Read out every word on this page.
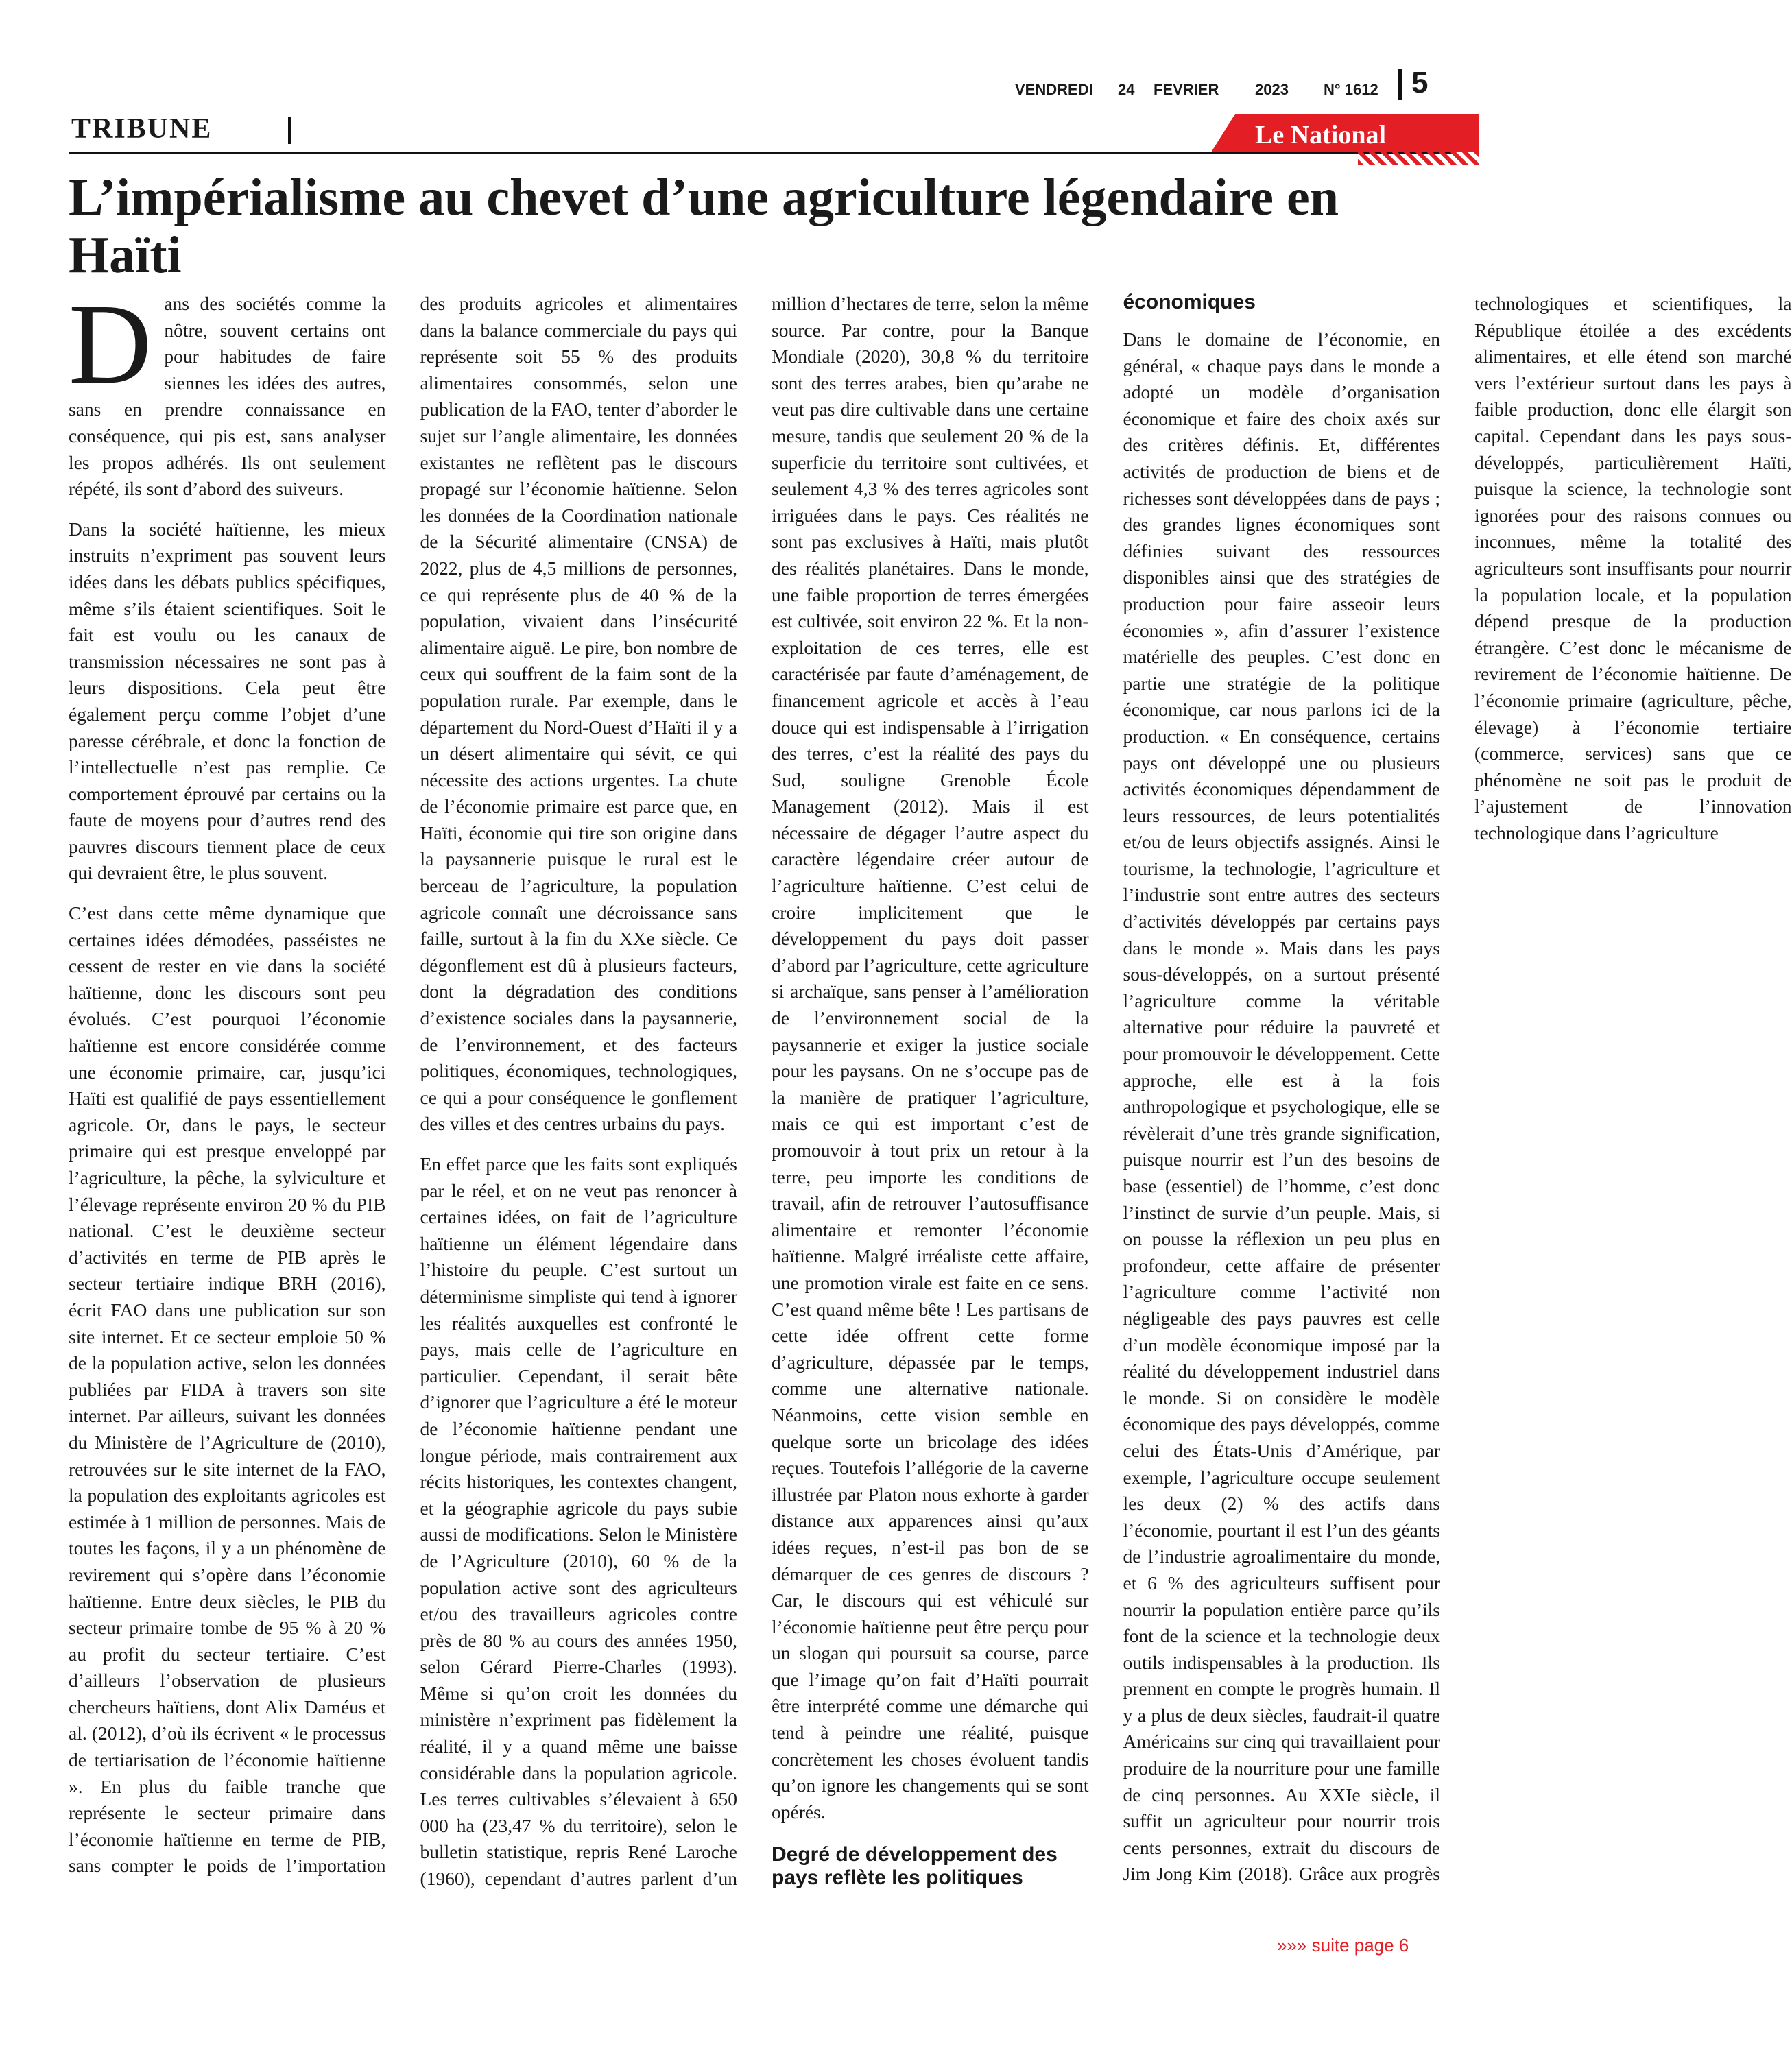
VENDREDI 24 FEVRIER 2023 N° 1612 5
TRIBUNE	Le National
L’impérialisme au chevet d’une agriculture légendaire en Haïti

Dans des sociétés comme la nôtre, souvent certains ont pour habitudes de faire siennes les idées des autres, sans en prendre connaissance en conséquence, qui pis est, sans analyser les propos adhérés. Ils ont seulement répété, ils sont d’abord des suiveurs.

Dans la société haïtienne, les mieux instruits n’expriment pas souvent leurs idées dans les débats publics spécifiques, même s’ils étaient scientifiques. Soit le fait est voulu ou les canaux de transmission nécessaires ne sont pas à leurs dispositions. Cela peut être également perçu comme l’objet d’une paresse cérébrale, et donc la fonction de l’intellectuelle n’est pas remplie. Ce comportement éprouvé par certains ou la faute de moyens pour d’autres rend des pauvres discours tiennent place de ceux qui devraient être, le plus souvent.

C’est dans cette même dynamique que certaines idées démodées, passéistes ne cessent de rester en vie dans la société haïtienne, donc les discours sont peu évolués. C’est pourquoi l’économie haïtienne est encore considérée comme une économie primaire, car, jusqu’ici Haïti est qualifié de pays essentiellement agricole. Or, dans le pays, le secteur primaire qui est presque enveloppé par l’agriculture, la pêche, la sylviculture et l’élevage représente environ 20 % du PIB national. C’est le deuxième secteur d’activités en terme de PIB après le secteur tertiaire indique BRH (2016), écrit FAO dans une publication sur son site internet. Et ce secteur emploie 50 % de la population active, selon les données publiées par FIDA à travers son site internet. Par ailleurs, suivant les données du Ministère de l’Agriculture de (2010), retrouvées sur le site internet de la FAO, la population des exploitants agricoles est estimée à 1 million de personnes. Mais de toutes les façons, il y a un phénomène de revirement qui s’opère dans l’économie haïtienne. Entre deux siècles, le PIB du secteur primaire tombe de 95 % à 20 % au profit du secteur tertiaire. C’est d’ailleurs l’observation de plusieurs chercheurs haïtiens, dont Alix Daméus et al. (2012), d’où ils écrivent « le processus de tertiarisation de l’économie haïtienne ». En plus du faible tranche que représente le secteur primaire dans l’économie haïtienne en terme de PIB, sans compter le poids de l’importation des produits agricoles et alimentaires dans la balance commerciale du pays qui représente soit 55 % des produits alimentaires consommés, selon une publication de la FAO, tenter d’aborder le sujet sur l’angle alimentaire, les données existantes ne reflètent pas le discours propagé sur l’économie haïtienne. Selon les données de la Coordination nationale de la Sécurité alimentaire (CNSA) de 2022, plus de 4,5 millions de personnes, ce qui représente plus de 40 % de la population, vivaient dans l’insécurité alimentaire aiguë. Le pire, bon nombre de ceux qui souffrent de la faim sont de la population rurale. Par exemple, dans le département du Nord-Ouest d’Haïti il y a un désert alimentaire qui sévit, ce qui nécessite des actions urgentes. La chute de l’économie primaire est parce que, en Haïti, économie qui tire son origine dans la paysannerie puisque le rural est le berceau de l’agriculture, la population agricole connaît une décroissance sans faille, surtout à la fin du XXe siècle. Ce dégonflement est dû à plusieurs facteurs, dont la dégradation des conditions d’existence sociales dans la paysannerie, de l’environnement, et des facteurs politiques, économiques, technologiques, ce qui a pour conséquence le gonflement des villes et des centres urbains du pays.

En effet parce que les faits sont expliqués par le réel, et on ne veut pas renoncer à certaines idées, on fait de l’agriculture haïtienne un élément légendaire dans l’histoire du peuple. C’est surtout un déterminisme simpliste qui tend à ignorer les réalités auxquelles est confronté le pays, mais celle de l’agriculture en particulier. Cependant, il serait bête d’ignorer que l’agriculture a été le moteur de l’économie haïtienne pendant une longue période, mais contrairement aux récits historiques, les contextes changent, et la géographie agricole du pays subie aussi de modifications. Selon le Ministère de l’Agriculture (2010), 60 % de la population active sont des agriculteurs et/ou des travailleurs agricoles contre près de 80 % au cours des années 1950, selon Gérard Pierre-Charles (1993). Même si qu’on croit les données du ministère n’expriment pas fidèlement la réalité, il y a quand même une baisse considérable dans la population agricole. Les terres cultivables s’élevaient à 650 000 ha (23,47 % du territoire), selon le bulletin statistique, repris René Laroche (1960), cependant d’autres parlent d’un million d’hectares de terre, selon la même source. Par contre, pour la Banque Mondiale (2020), 30,8 % du territoire sont des terres arabes, bien qu’arabe ne veut pas dire cultivable dans une certaine mesure, tandis que seulement 20 % de la superficie du territoire sont cultivées, et seulement 4,3 % des terres agricoles sont irriguées dans le pays. Ces réalités ne sont pas exclusives à Haïti, mais plutôt des réalités planétaires. Dans le monde, une faible proportion de terres émergées est cultivée, soit environ 22 %. Et la non-exploitation de ces terres, elle est caractérisée par faute d’aménagement, de financement agricole et accès à l’eau douce qui est indispensable à l’irrigation des terres, c’est la réalité des pays du Sud, souligne Grenoble École Management (2012). Mais il est nécessaire de dégager l’autre aspect du caractère légendaire créer autour de l’agriculture haïtienne. C’est celui de croire implicitement que le développement du pays doit passer d’abord par l’agriculture, cette agriculture si archaïque, sans penser à l’amélioration de l’environnement social de la paysannerie et exiger la justice sociale pour les paysans. On ne s’occupe pas de la manière de pratiquer l’agriculture, mais ce qui est important c’est de promouvoir à tout prix un retour à la terre, peu importe les conditions de travail, afin de retrouver l’autosuffisance alimentaire et remonter l’économie haïtienne. Malgré irréaliste cette affaire, une promotion virale est faite en ce sens. C’est quand même bête ! Les partisans de cette idée offrent cette forme d’agriculture, dépassée par le temps, comme une alternative nationale. Néanmoins, cette vision semble en quelque sorte un bricolage des idées reçues. Toutefois l’allégorie de la caverne illustrée par Platon nous exhorte à garder distance aux apparences ainsi qu’aux idées reçues, n’est-il pas bon de se démarquer de ces genres de discours ? Car, le discours qui est véhiculé sur l’économie haïtienne peut être perçu pour un slogan qui poursuit sa course, parce que l’image qu’on fait d’Haïti pourrait être interprété comme une démarche qui tend à peindre une réalité, puisque concrètement les choses évoluent tandis qu’on ignore les changements qui se sont opérés.

Degré de développement des pays reflète les politiques économiques

Dans le domaine de l’économie, en général, « chaque pays dans le monde a adopté un modèle d’organisation économique et faire des choix axés sur des critères définis. Et, différentes activités de production de biens et de richesses sont développées dans de pays ; des grandes lignes économiques sont définies suivant des ressources disponibles ainsi que des stratégies de production pour faire asseoir leurs économies », afin d’assurer l’existence matérielle des peuples. C’est donc en partie une stratégie de la politique économique, car nous parlons ici de la production. « En conséquence, certains pays ont développé une ou plusieurs activités économiques dépendamment de leurs ressources, de leurs potentialités et/ou de leurs objectifs assignés. Ainsi le tourisme, la technologie, l’agriculture et l’industrie sont entre autres des secteurs d’activités développés par certains pays dans le monde ». Mais dans les pays sous-développés, on a surtout présenté l’agriculture comme la véritable alternative pour réduire la pauvreté et pour promouvoir le développement. Cette approche, elle est à la fois anthropologique et psychologique, elle se révèlerait d’une très grande signification, puisque nourrir est l’un des besoins de base (essentiel) de l’homme, c’est donc l’instinct de survie d’un peuple. Mais, si on pousse la réflexion un peu plus en profondeur, cette affaire de présenter l’agriculture comme l’activité non négligeable des pays pauvres est celle d’un modèle économique imposé par la réalité du développement industriel dans le monde. Si on considère le modèle économique des pays développés, comme celui des États-Unis d’Amérique, par exemple, l’agriculture occupe seulement les deux (2) % des actifs dans l’économie, pourtant il est l’un des géants de l’industrie agroalimentaire du monde, et 6 % des agriculteurs suffisent pour nourrir la population entière parce qu’ils font de la science et la technologie deux outils indispensables à la production. Ils prennent en compte le progrès humain. Il y a plus de deux siècles, faudrait-il quatre Américains sur cinq qui travaillaient pour produire de la nourriture pour une famille de cinq personnes. Au XXIe siècle, il suffit un agriculteur pour nourrir trois cents personnes, extrait du discours de Jim Jong Kim (2018). Grâce aux progrès technologiques et scientifiques, la République étoilée a des excédents alimentaires, et elle étend son marché vers l’extérieur surtout dans les pays à faible production, donc elle élargit son capital. Cependant dans les pays sous-développés, particulièrement Haïti, puisque la science, la technologie sont ignorées pour des raisons connues ou inconnues, même la totalité des agriculteurs sont insuffisants pour nourrir la population locale, et la population dépend presque de la production étrangère. C’est donc le mécanisme de revirement de l’économie haïtienne. De l’économie primaire (agriculture, pêche, élevage) à l’économie tertiaire (commerce, services) sans que ce phénomène ne soit pas le produit de l’ajustement de l’innovation technologique dans l’agriculture

»»» suite page 6
